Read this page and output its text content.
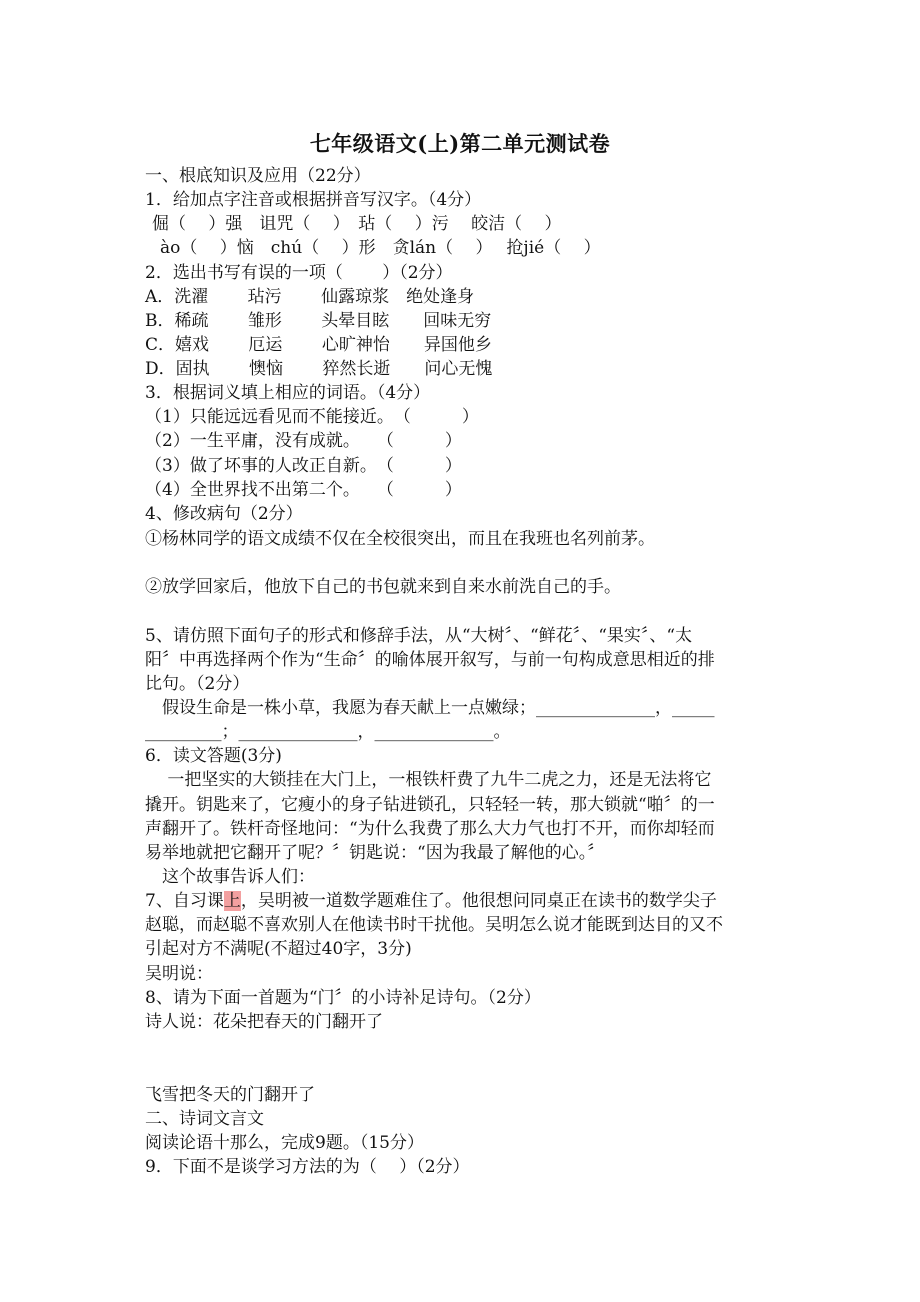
七年级语文(上)第二单元测试卷
一、根底知识及应用（22分）
1．给加点字注音或根据拼音写汉字。（4分）
倔（　 ）强　诅咒（　 ）　玷（　 ）污　 皎洁（　 ）
ào（　 ）恼　chú（　 ）形　贪lán（　 ）　 抢jié（　 ）
2．选出书写有误的一项（　　 ）（2分）
A．洗濯　　 玷污　　 仙露琼浆　绝处逢身
B．稀疏　　 雏形　　 头晕目眩　　回味无穷
C．嬉戏　　 厄运　　 心旷神怡　　异国他乡
D．固执　　 懊恼　　 猝然长逝　　问心无愧
3．根据词义填上相应的词语。（4分）
（1）只能远远看见而不能接近。　（　　　）
（2）一生平庸，没有成就。　　（　　　）
（3）做了坏事的人改正自新。　（　　　）
（4）全世界找不出第二个。　　（　　　）
4、修改病句（2分）
①杨林同学的语文成绩不仅在全校很突出，而且在我班也名列前茅。
②放学回家后，他放下自己的书包就来到自来水前洗自己的手。
5、请仿照下面句子的形式和修辞手法，从“大树〞、“鲜花〞、“果实〞、“太
阳〞中再选择两个作为“生命〞的喻体展开叙写，与前一句构成意思相近的排
比句。（2分）
　假设生命是一株小草，我愿为春天献上一点嫩绿；______________，_____
_________；______________，______________。
6．读文答题(3分)
　 一把坚实的大锁挂在大门上，一根铁杆费了九牛二虎之力，还是无法将它
撬开。钥匙来了，它瘦小的身子钻进锁孔，只轻轻一转，那大锁就“啪〞的一
声翻开了。铁杆奇怪地问：“为什么我费了那么大力气也打不开，而你却轻而
易举地就把它翻开了呢？〞钥匙说：“因为我最了解他的心。〞
　这个故事告诉人们：
7、自习课上，吴明被一道数学题难住了。他很想问同桌正在读书的数学尖子
赵聪，而赵聪不喜欢别人在他读书时干扰他。吴明怎么说才能既到达目的又不
引起对方不满呢(不超过40字，3分)
吴明说：
8、请为下面一首题为“门〞的小诗补足诗句。（2分）
诗人说：花朵把春天的门翻开了
飞雪把冬天的门翻开了
二、诗词文言文
阅读论语十那么，完成9题。（15分）
9．下面不是谈学习方法的为（　 ）（2分）
